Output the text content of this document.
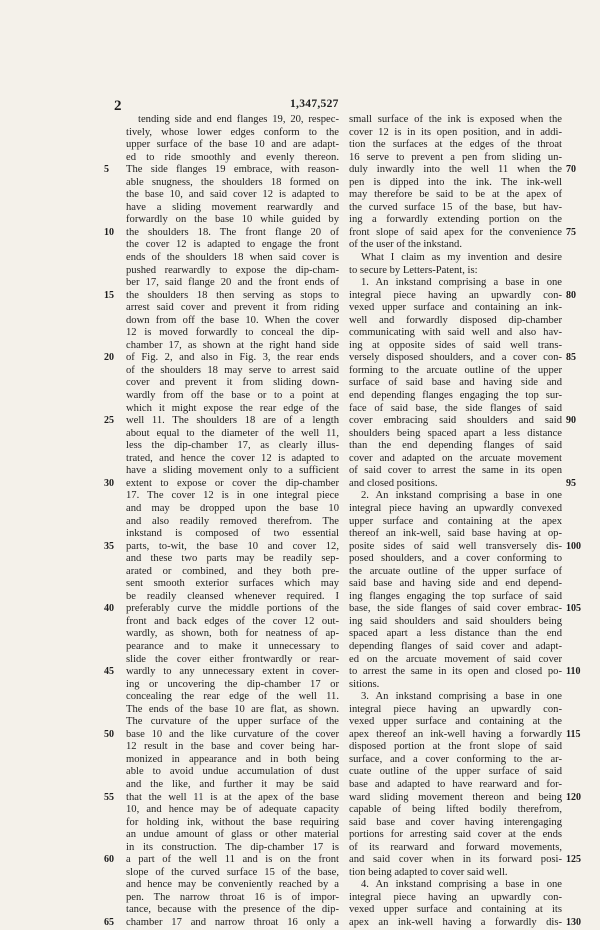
2	1,347,527
tending side and end flanges 19, 20, respec-
tively, whose lower edges conform to the
upper surface of the base 10 and are adapt-
ed to ride smoothly and evenly thereon.
The side flanges 19 embrace, with reason-
able snugness, the shoulders 18 formed on
the base 10, and said cover 12 is adapted to
have a sliding movement rearwardly and
forwardly on the base 10 while guided by
the shoulders 18. The front flange 20 of
the cover 12 is adapted to engage the front
ends of the shoulders 18 when said cover is
pushed rearwardly to expose the dip-cham-
ber 17, said flange 20 and the front ends of
the shoulders 18 then serving as stops to
arrest said cover and prevent it from riding
down from off the base 10. When the cover
12 is moved forwardly to conceal the dip-
chamber 17, as shown at the right hand side
of Fig. 2, and also in Fig. 3, the rear ends
of the shoulders 18 may serve to arrest said
cover and prevent it from sliding down-
wardly from off the base or to a point at
which it might expose the rear edge of the
well 11. The shoulders 18 are of a length
about equal to the diameter of the well 11,
less the dip-chamber 17, as clearly illus-
trated, and hence the cover 12 is adapted to
have a sliding movement only to a sufficient
extent to expose or cover the dip-chamber
17. The cover 12 is in one integral piece
and may be dropped upon the base 10
and also readily removed therefrom. The
inkstand is composed of two essential
parts, to-wit, the base 10 and cover 12,
and these two parts may be readily sep-
arated or combined, and they both pre-
sent smooth exterior surfaces which may
be readily cleansed whenever required. I
preferably curve the middle portions of the
front and back edges of the cover 12 out-
wardly, as shown, both for neatness of ap-
pearance and to make it unnecessary to
slide the cover either frontwardly or rear-
wardly to any unnecessary extent in cover-
ing or uncovering the dip-chamber 17 or
concealing the rear edge of the well 11.
The ends of the base 10 are flat, as shown.
The curvature of the upper surface of the
base 10 and the like curvature of the cover
12 result in the base and cover being har-
monized in appearance and in both being
able to avoid undue accumulation of dust
and the like, and further it may be said
that the well 11 is at the apex of the base
10, and hence may be of adequate capacity
for holding ink, without the base requiring
an undue amount of glass or other material
in its construction. The dip-chamber 17 is
a part of the well 11 and is on the front
slope of the curved surface 15 of the base,
and hence may be conveniently reached by a
pen. The narrow throat 16 is of impor-
tance, because with the presence of the dip-
chamber 17 and narrow throat 16 only a
small surface of the ink is exposed when the
cover 12 is in its open position, and in addi-
tion the surfaces at the edges of the throat
16 serve to prevent a pen from sliding un-
duly inwardly into the well 11 when the
pen is dipped into the ink. The ink-well
may therefore be said to be at the apex of
the curved surface 15 of the base, but hav-
ing a forwardly extending portion on the
front slope of said apex for the convenience
of the user of the inkstand.
What I claim as my invention and desire
to secure by Letters-Patent, is:
1. An inkstand comprising a base in one
integral piece having an upwardly con-
vexed upper surface and containing an ink-
well and forwardly disposed dip-chamber
communicating with said well and also hav-
ing at opposite sides of said well trans-
versely disposed shoulders, and a cover con-
forming to the arcuate outline of the upper
surface of said base and having side and
end depending flanges engaging the top sur-
face of said base, the side flanges of said
cover embracing said shoulders and said
shoulders being spaced apart a less distance
than the end depending flanges of said
cover and adapted on the arcuate movement
of said cover to arrest the same in its open
and closed positions.
2. An inkstand comprising a base in one
integral piece having an upwardly convexed
upper surface and containing at the apex
thereof an ink-well, said base having at op-
posite sides of said well transversely dis-
posed shoulders, and a cover conforming to
the arcuate outline of the upper surface of
said base and having side and end depend-
ing flanges engaging the top surface of said
base, the side flanges of said cover embrac-
ing said shoulders and said shoulders being
spaced apart a less distance than the end
depending flanges of said cover and adapt-
ed on the arcuate movement of said cover
to arrest the same in its open and closed po-
sitions.
3. An inkstand comprising a base in one
integral piece having an upwardly con-
vexed upper surface and containing at the
apex thereof an ink-well having a forwardly
disposed portion at the front slope of said
surface, and a cover conforming to the ar-
cuate outline of the upper surface of said
base and adapted to have rearward and for-
ward sliding movement thereon and being
capable of being lifted bodily therefrom,
said base and cover having interengaging
portions for arresting said cover at the ends
of its rearward and forward movements,
and said cover when in its forward posi-
tion being adapted to cover said well.
4. An inkstand comprising a base in one
integral piece having an upwardly con-
vexed upper surface and containing at its
apex an ink-well having a forwardly dis-
5
10
15
20
25
30
35
40
45
50
55
60
65
70
75
80
85
90
95
100
105
110
115
120
125
130
